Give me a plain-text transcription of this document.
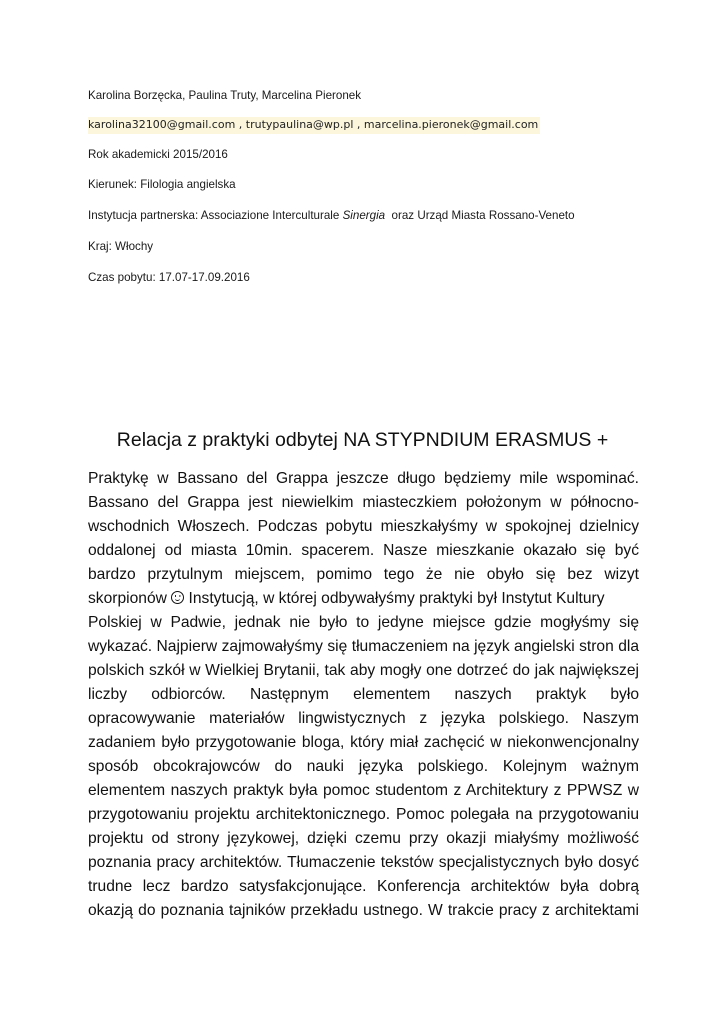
Karolina Borzęcka, Paulina Truty, Marcelina Pieronek
karolina32100@gmail.com , trutypaulina@wp.pl , marcelina.pieronek@gmail.com
Rok akademicki 2015/2016
Kierunek: Filologia angielska
Instytucja partnerska: Associazione Interculturale Sinergia  oraz Urząd Miasta Rossano-Veneto
Kraj: Włochy
Czas pobytu: 17.07-17.09.2016
Relacja z praktyki odbytej NA STYPNDIUM ERASMUS +
Praktykę w Bassano del Grappa jeszcze długo będziemy mile wspominać.
Bassano del Grappa jest niewielkim miasteczkiem położonym w północno-
wschodnich Włoszech. Podczas pobytu mieszkałyśmy w spokojnej dzielnicy
oddalonej od miasta 10min. spacerem. Nasze mieszkanie okazało się być
bardzo przytulnym miejscem, pomimo tego że nie obyło się bez wizyt
skorpionów  Instytucją, w której odbywałyśmy praktyki był Instytut Kultury
Polskiej w Padwie, jednak nie było to jedyne miejsce gdzie mogłyśmy się
wykazać. Najpierw zajmowałyśmy się tłumaczeniem na język angielski stron dla
polskich szkół w Wielkiej Brytanii, tak aby mogły one dotrzeć do jak największej
liczby odbiorców. Następnym elementem naszych praktyk było
opracowywanie materiałów lingwistycznych z języka polskiego. Naszym
zadaniem było przygotowanie bloga, który miał zachęcić w niekonwencjonalny
sposób obcokrajowców do nauki języka polskiego. Kolejnym ważnym
elementem naszych praktyk była pomoc studentom z Architektury z PPWSZ w
przygotowaniu projektu architektonicznego. Pomoc polegała na przygotowaniu
projektu od strony językowej, dzięki czemu przy okazji miałyśmy możliwość
poznania pracy architektów. Tłumaczenie tekstów specjalistycznych było dosyć
trudne lecz bardzo satysfakcjonujące. Konferencja architektów była dobrą
okazją do poznania tajników przekładu ustnego. W trakcie pracy z architektami
